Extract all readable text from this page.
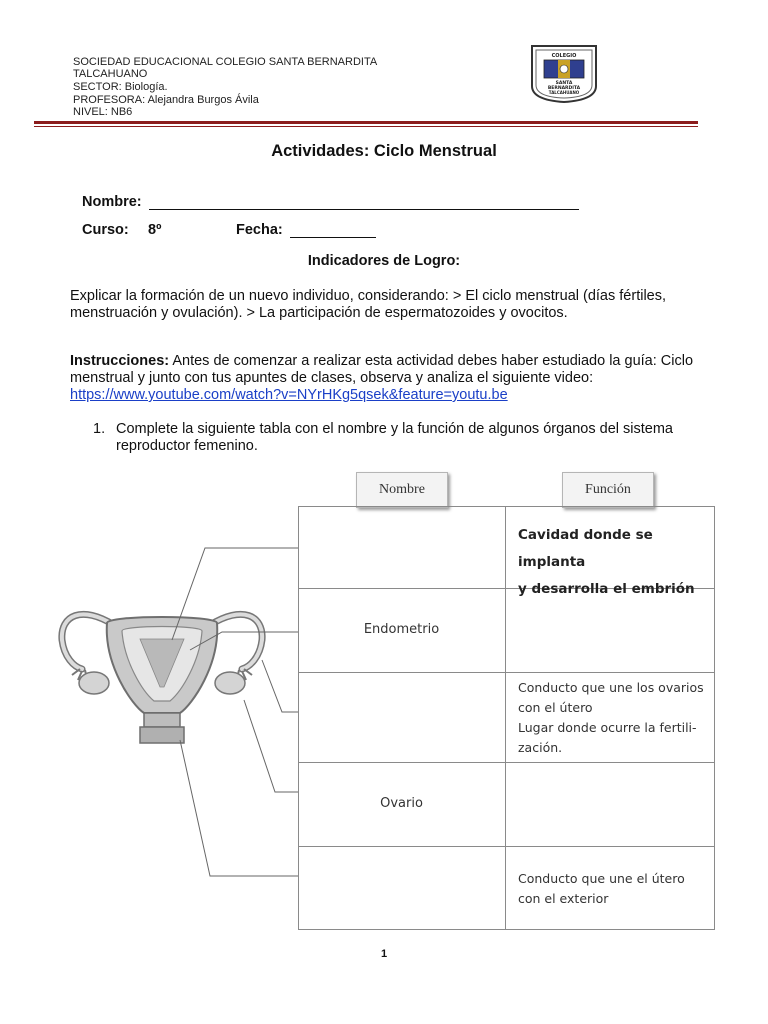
SOCIEDAD EDUCACIONAL COLEGIO SANTA BERNARDITA
TALCAHUANO
SECTOR: Biología.
PROFESORA: Alejandra Burgos Ávila
NIVEL: NB6
COLEGIO
SANTA
BERNARDITA
TALCAHUANO
Actividades: Ciclo Menstrual
Nombre:
Curso: 8º	Fecha:
Indicadores de Logro:
Explicar la formación de un nuevo individuo, considerando: > El ciclo menstrual (días fértiles, menstruación y ovulación). > La participación de espermatozoides y ovocitos.
Instrucciones: Antes de comenzar a realizar esta actividad debes haber estudiado la guía: Ciclo menstrual y junto con tus apuntes de clases, observa y analiza el siguiente video:
https://www.youtube.com/watch?v=NYrHKg5qsek&feature=youtu.be
1. Complete la siguiente tabla con el nombre y la función de algunos órganos del sistema reproductor femenino.
Nombre	Función
Cavidad donde se implanta
y desarrolla el embrión
Endometrio
Conducto que une los ovarios
con el útero
Lugar donde ocurre la fertili-
zación.
Ovario
Conducto que une el útero
con el exterior
1
